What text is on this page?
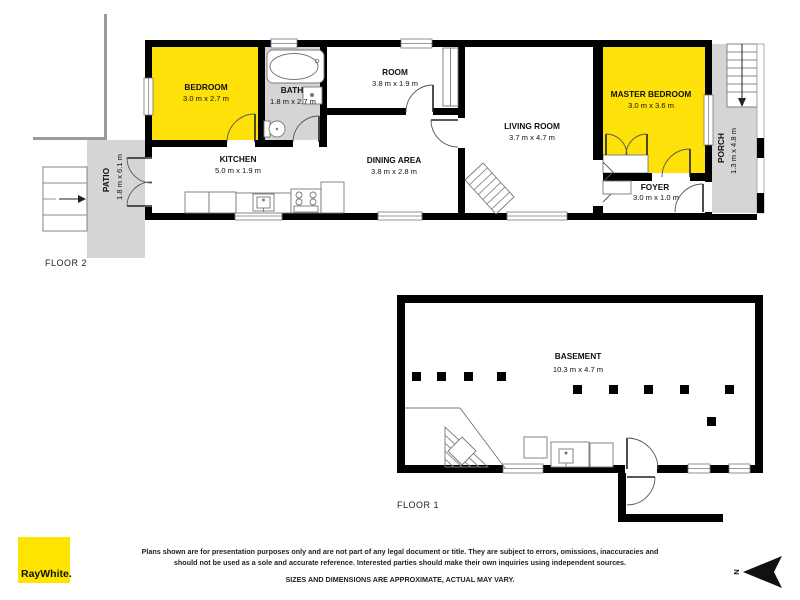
BEDROOM
3.0 m x 2.7 m
BATH
1.8 m x 2.7 m
KITCHEN
5.0 m x 1.9 m
ROOM
3.8 m x 1.9 m
DINING AREA
3.8 m x 2.8 m
LIVING ROOM
3.7 m x 4.7 m
MASTER BEDROOM
3.0 m x 3.6 m
FOYER
3.0 m x 1.0 m
PATIO 1.8 m x 6.1 m
PORCH 1.3 m x 4.8 m
FLOOR 2
BASEMENT
10.3 m x 4.7 m
FLOOR 1
RayWhite.
Plans shown are for presentation purposes only and are not part of any legal document or title. They are subject to errors, omissions, inaccuracies and
should not be used as a sole and accurate reference. Interested parties should make their own inquiries using independent sources.
SIZES AND DIMENSIONS ARE APPROXIMATE, ACTUAL MAY VARY.
N
